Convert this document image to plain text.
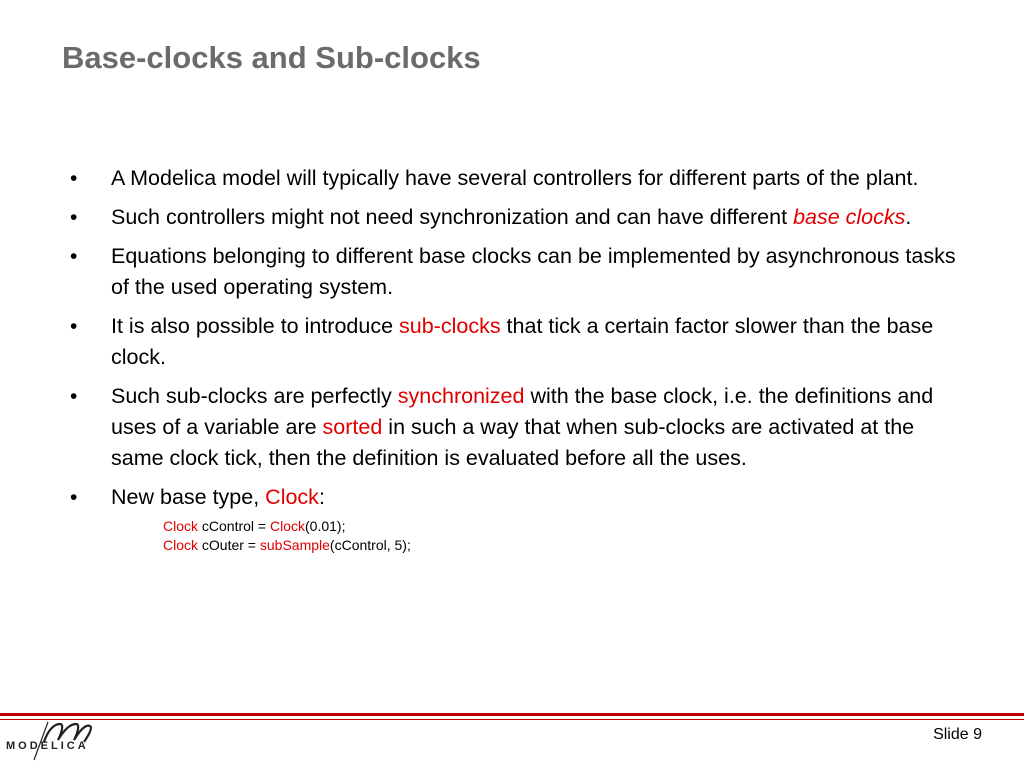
Base-clocks and Sub-clocks
• A Modelica model will typically have several controllers for different parts of the plant.
• Such controllers might not need synchronization and can have different base clocks.
• Equations belonging to different base clocks can be implemented by asynchronous tasks of the used operating system.
• It is also possible to introduce sub-clocks that tick a certain factor slower than the base clock.
• Such sub-clocks are perfectly synchronized with the base clock, i.e. the definitions and uses of a variable are sorted in such a way that when sub-clocks are activated at the same clock tick, then the definition is evaluated before all the uses.
• New base type, Clock:
Clock cControl = Clock(0.01);
Clock cOuter = subSample(cControl, 5);
MODELICA
Slide 9
